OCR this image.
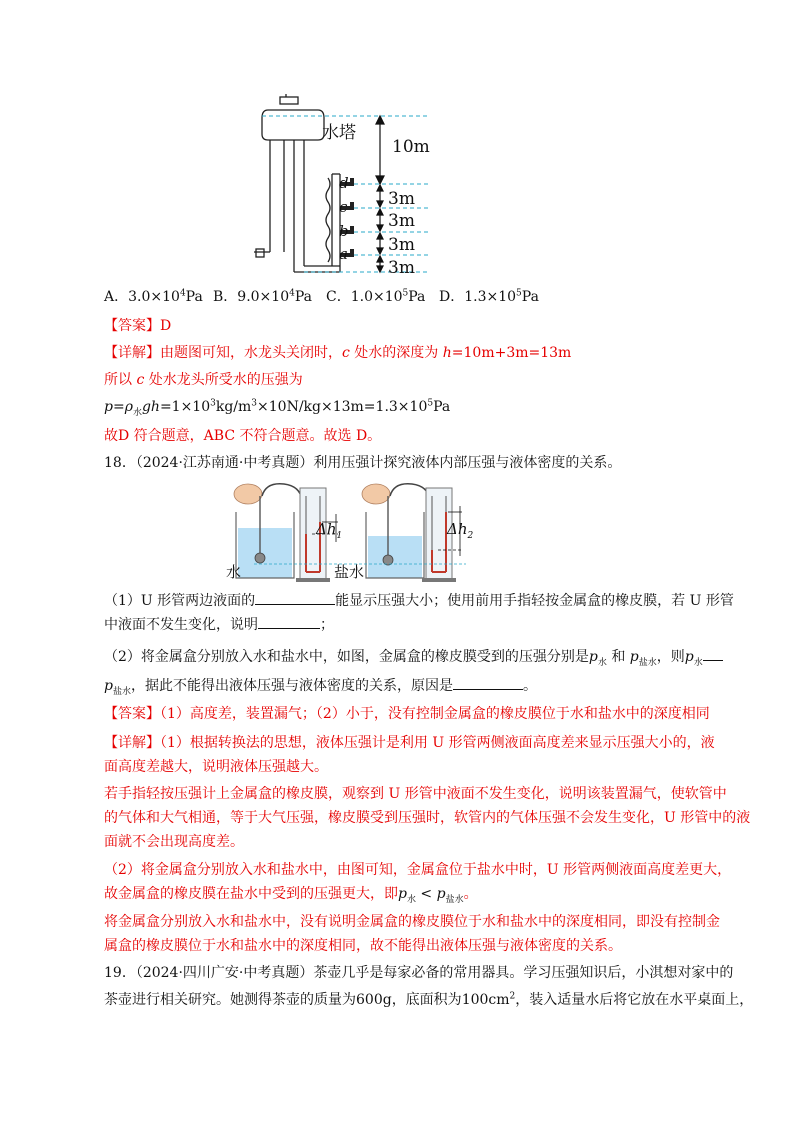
水塔
10m
3m
3m
3m
3m
d
c
b
a
A．$3.0\times 10^4Pa$ B．$9.0\times 10^4Pa$ C．$1.0\times 10^5Pa$ D．$1.3\times 10^5Pa$
【答案】D
【详解】由题图可知，水龙头关闭时，c 处水的深度为 h=10m+3m=13m
所以 c 处水龙头所受水的压强为
$p=\rho_水gh=1\times 10^3kg/m^3\times 10N/kg\times 13m=1.3\times 10^5Pa$
故D 符合题意，ABC 不符合题意。故选 D。
18．（2024·江苏南通·中考真题）利用压强计探究液体内部压强与液体密度的关系。
$\Delta h_1$	$\Delta h_2$
水	盐水
（1）U 形管两边液面的	能显示压强大小；使用前用手指轻按金属盒的橡皮膜，若 U 形管
中液面不发生变化，说明	；
（2）将金属盒分别放入水和盐水中，如图，金属盒的橡皮膜受到的压强分别是$p_水$ 和 $p_{盐水}$，则$p_水$
$p_{盐水}$，据此不能得出液体压强与液体密度的关系，原因是	。
【答案】（1）高度差，装置漏气；（2）小于，没有控制金属盒的橡皮膜位于水和盐水中的深度相同
【详解】（1）根据转换法的思想，液体压强计是利用 U 形管两侧液面高度差来显示压强大小的，液
面高度差越大，说明液体压强越大。
若手指轻按压强计上金属盒的橡皮膜，观察到 U 形管中液面不发生变化，说明该装置漏气，使软管中
的气体和大气相通，等于大气压强，橡皮膜受到压强时，软管内的气体压强不会发生变化，U 形管中的液
面就不会出现高度差。
（2）将金属盒分别放入水和盐水中，由图可知，金属盒位于盐水中时，U 形管两侧液面高度差更大，
故金属盒的橡皮膜在盐水中受到的压强更大，即$p_水 < p_{盐水}$。
将金属盒分别放入水和盐水中，没有说明金属盒的橡皮膜位于水和盐水中的深度相同，即没有控制金
属盒的橡皮膜位于水和盐水中的深度相同，故不能得出液体压强与液体密度的关系。
19．（2024·四川广安·中考真题）茶壶几乎是每家必备的常用器具。学习压强知识后，小淇想对家中的
茶壶进行相关研究。她测得茶壶的质量为600g，底面积为$100cm^2$，装入适量水后将它放在水平桌面上，
